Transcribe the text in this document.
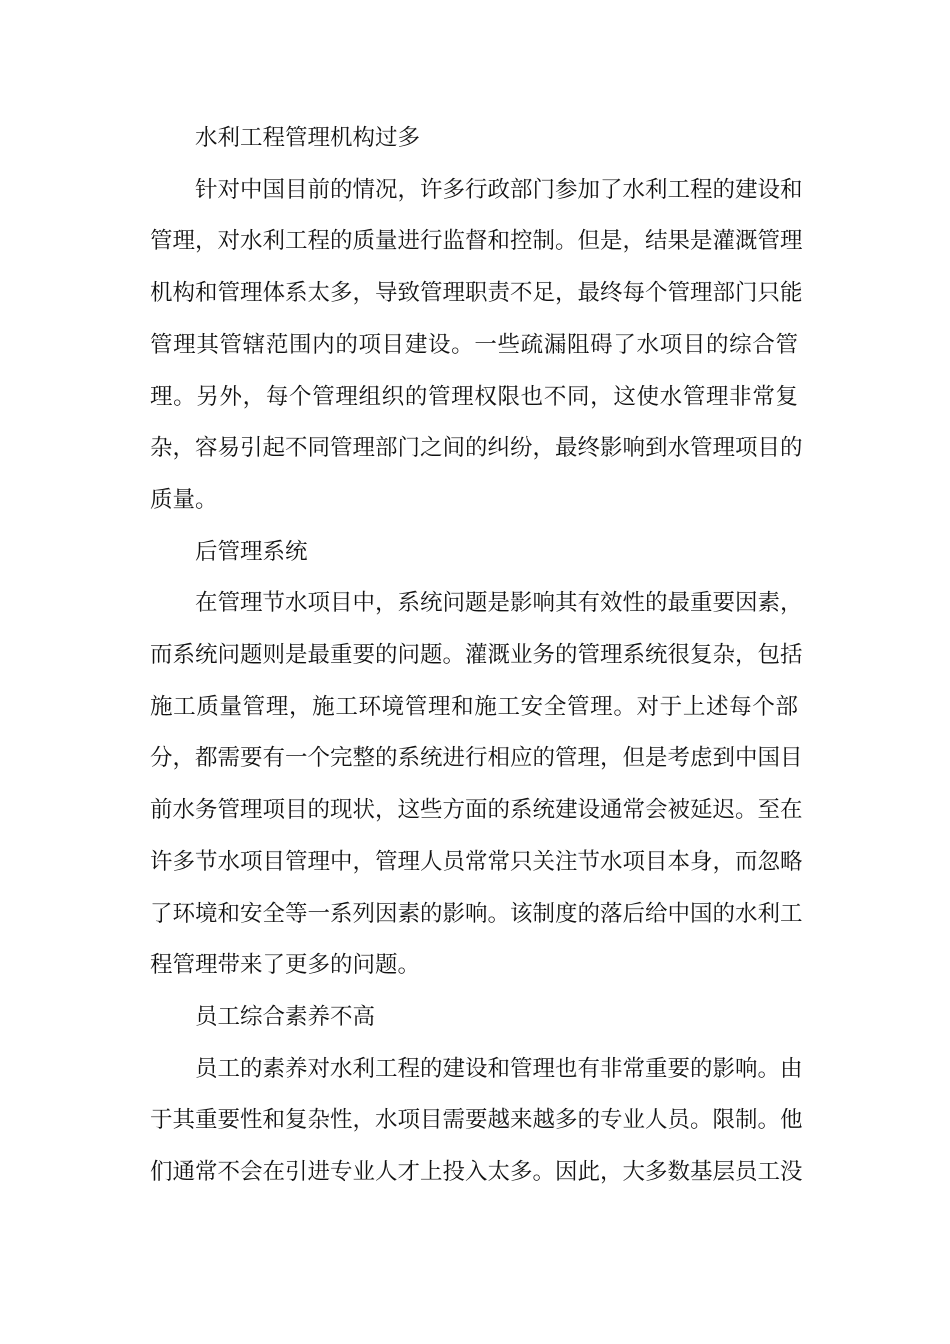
水利工程管理机构过多
针对中国目前的情况，许多行政部门参加了水利工程的建设和
管理，对水利工程的质量进行监督和控制。但是，结果是灌溉管理
机构和管理体系太多，导致管理职责不足，最终每个管理部门只能
管理其管辖范围内的项目建设。一些疏漏阻碍了水项目的综合管
理。另外，每个管理组织的管理权限也不同，这使水管理非常复
杂，容易引起不同管理部门之间的纠纷，最终影响到水管理项目的
质量。
后管理系统
在管理节水项目中，系统问题是影响其有效性的最重要因素，
而系统问题则是最重要的问题。灌溉业务的管理系统很复杂，包括
施工质量管理，施工环境管理和施工安全管理。对于上述每个部
分，都需要有一个完整的系统进行相应的管理，但是考虑到中国目
前水务管理项目的现状，这些方面的系统建设通常会被延迟。至在
许多节水项目管理中，管理人员常常只关注节水项目本身，而忽略
了环境和安全等一系列因素的影响。该制度的落后给中国的水利工
程管理带来了更多的问题。
员工综合素养不高
员工的素养对水利工程的建设和管理也有非常重要的影响。由
于其重要性和复杂性，水项目需要越来越多的专业人员。限制。他
们通常不会在引进专业人才上投入太多。因此，大多数基层员工没
